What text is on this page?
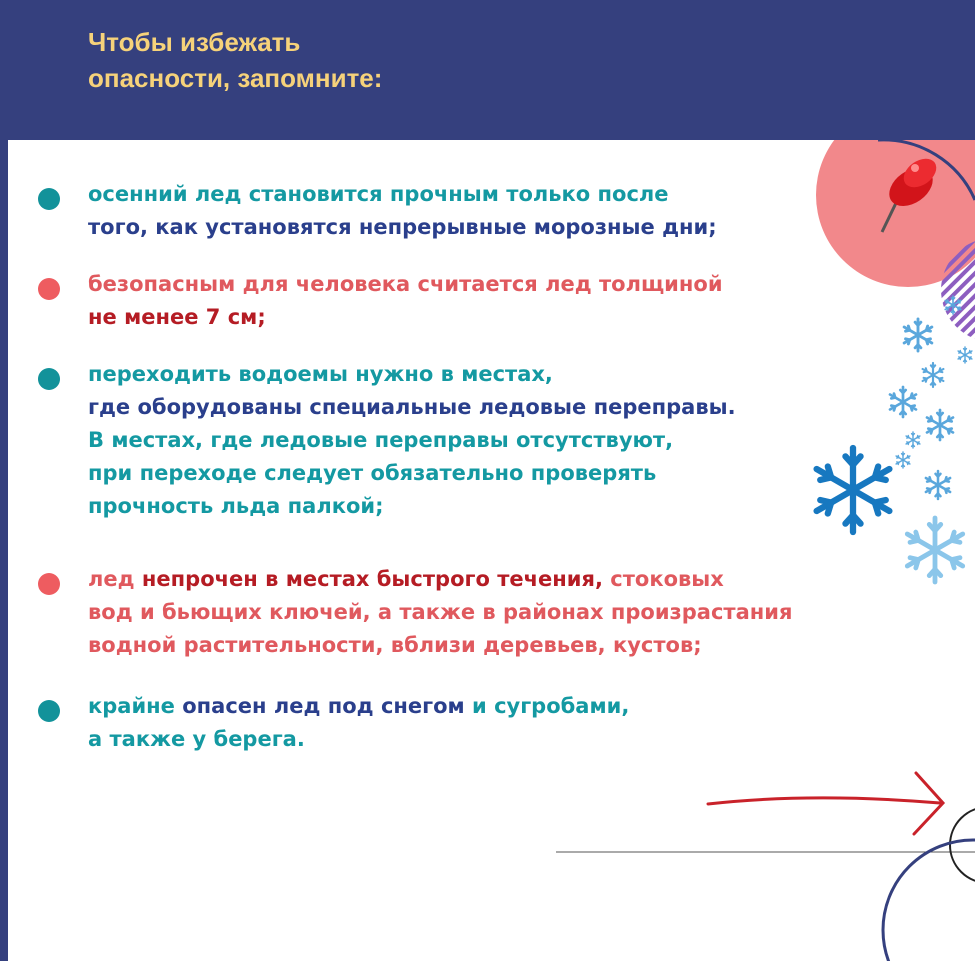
Чтобы избежать
опасности, запомните:
осенний лед становится прочным только после
того, как установятся непрерывные морозные дни;
безопасным для человека считается лед толщиной
не менее 7 см;
переходить водоемы нужно в местах,
где оборудованы специальные ледовые переправы.
В местах, где ледовые переправы отсутствуют,
при переходе следует обязательно проверять
прочность льда палкой;
лед непрочен в местах быстрого течения, стоковых
вод и бьющих ключей, а также в районах произрастания
водной растительности, вблизи деревьев, кустов;
крайне опасен лед под снегом и сугробами,
а также у берега.
